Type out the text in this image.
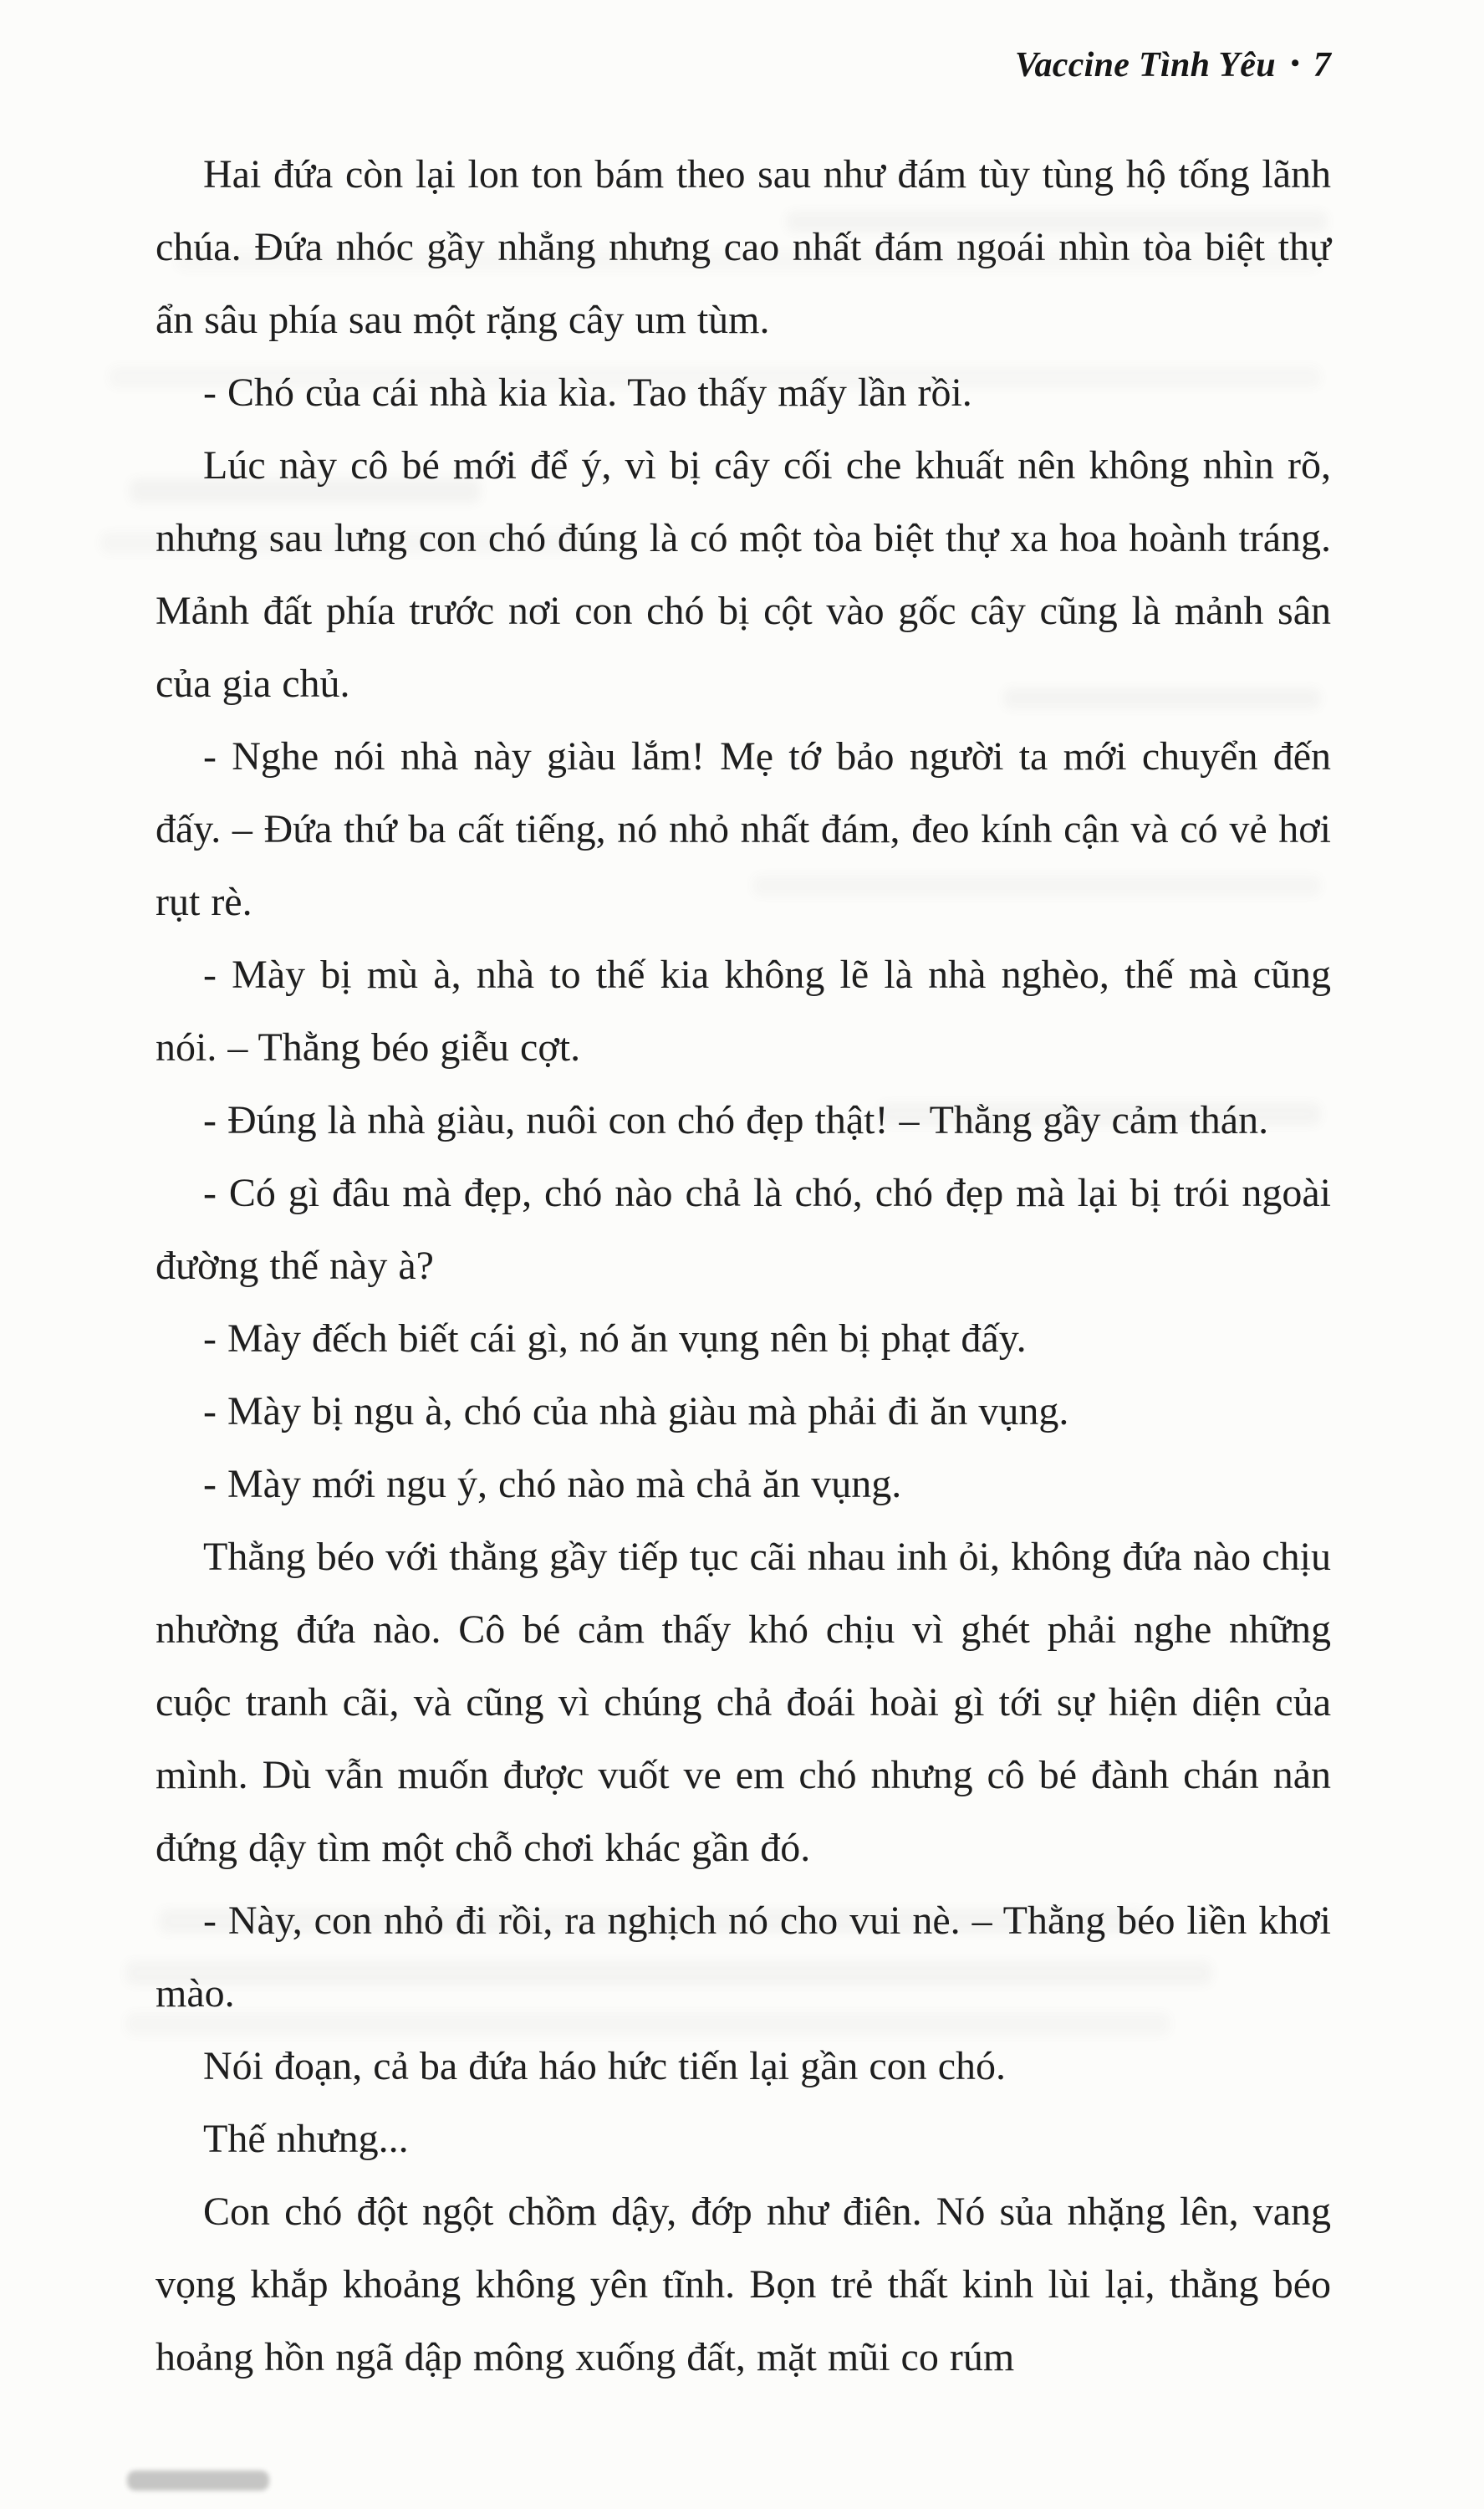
Vaccine Tình Yêu • 7

Hai đứa còn lại lon ton bám theo sau như đám tùy tùng hộ tống lãnh chúa. Đứa nhóc gầy nhẳng nhưng cao nhất đám ngoái nhìn tòa biệt thự ẩn sâu phía sau một rặng cây um tùm.

- Chó của cái nhà kia kìa. Tao thấy mấy lần rồi.

Lúc này cô bé mới để ý, vì bị cây cối che khuất nên không nhìn rõ, nhưng sau lưng con chó đúng là có một tòa biệt thự xa hoa hoành tráng. Mảnh đất phía trước nơi con chó bị cột vào gốc cây cũng là mảnh sân của gia chủ.

- Nghe nói nhà này giàu lắm! Mẹ tớ bảo người ta mới chuyển đến đấy. – Đứa thứ ba cất tiếng, nó nhỏ nhất đám, đeo kính cận và có vẻ hơi rụt rè.

- Mày bị mù à, nhà to thế kia không lẽ là nhà nghèo, thế mà cũng nói. – Thằng béo giễu cợt.

- Đúng là nhà giàu, nuôi con chó đẹp thật! – Thằng gầy cảm thán.

- Có gì đâu mà đẹp, chó nào chả là chó, chó đẹp mà lại bị trói ngoài đường thế này à?

- Mày đếch biết cái gì, nó ăn vụng nên bị phạt đấy.

- Mày bị ngu à, chó của nhà giàu mà phải đi ăn vụng.

- Mày mới ngu ý, chó nào mà chả ăn vụng.

Thằng béo với thằng gầy tiếp tục cãi nhau inh ỏi, không đứa nào chịu nhường đứa nào. Cô bé cảm thấy khó chịu vì ghét phải nghe những cuộc tranh cãi, và cũng vì chúng chả đoái hoài gì tới sự hiện diện của mình. Dù vẫn muốn được vuốt ve em chó nhưng cô bé đành chán nản đứng dậy tìm một chỗ chơi khác gần đó.

- Này, con nhỏ đi rồi, ra nghịch nó cho vui nè. – Thằng béo liền khơi mào.

Nói đoạn, cả ba đứa háo hức tiến lại gần con chó.

Thế nhưng...

Con chó đột ngột chồm dậy, đớp như điên. Nó sủa nhặng lên, vang vọng khắp khoảng không yên tĩnh. Bọn trẻ thất kinh lùi lại, thằng béo hoảng hồn ngã dập mông xuống đất, mặt mũi co rúm
